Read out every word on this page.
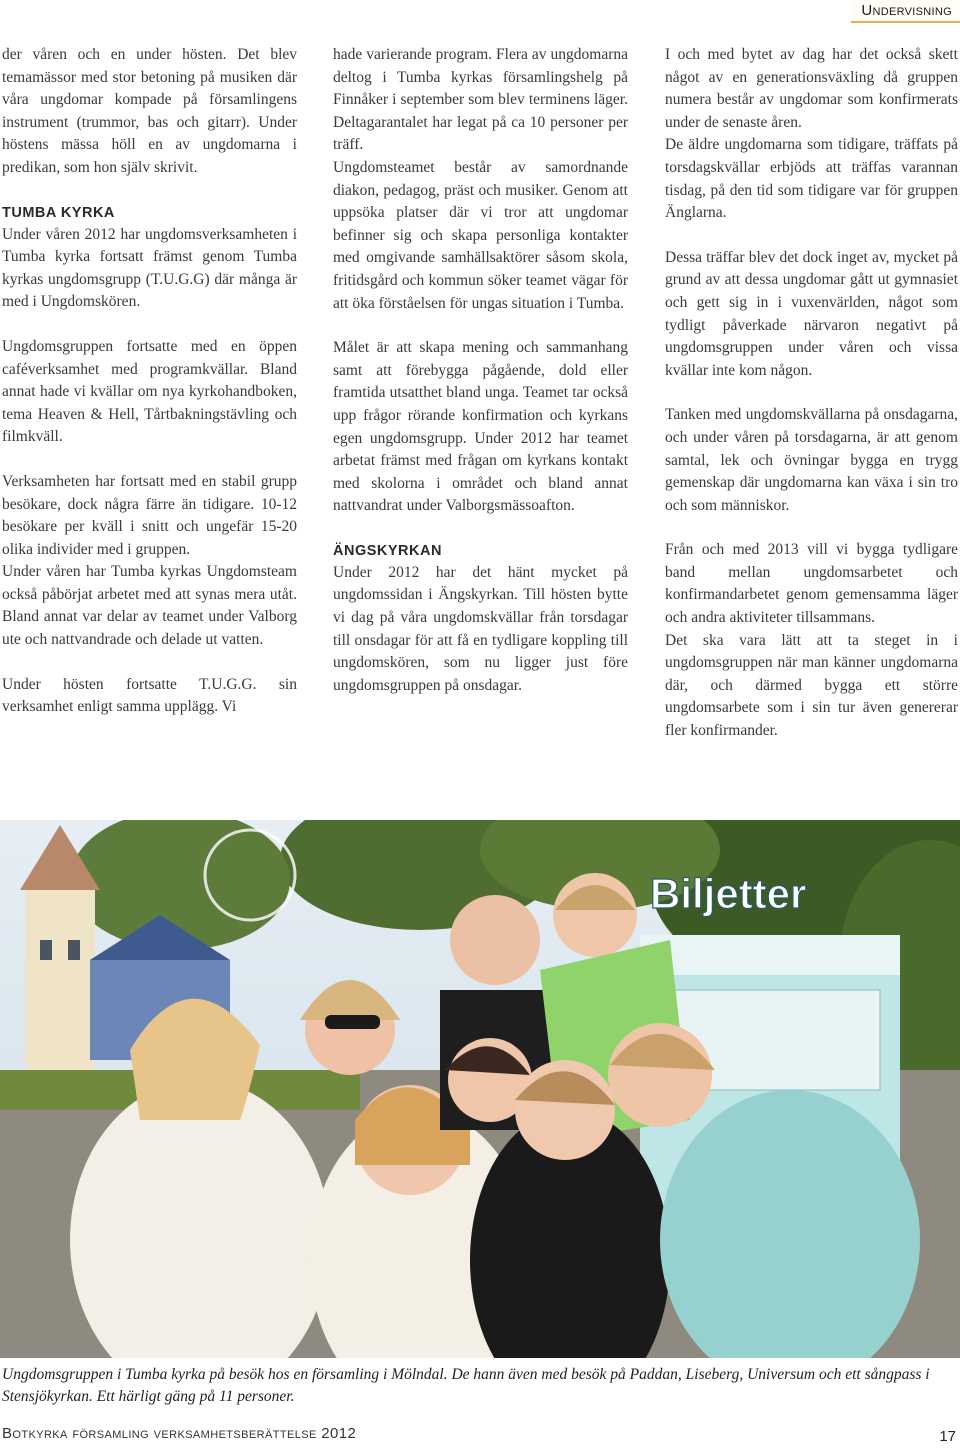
Undervisning

der våren och en under hösten. Det blev temamässor med stor betoning på musiken där våra ungdomar kompade på församlingens instrument (trummor, bas och gitarr). Under höstens mässa höll en av ungdomarna i predikan, som hon själv skrivit.

TUMBA KYRKA

Under våren 2012 har ungdomsverksamheten i Tumba kyrka fortsatt främst genom Tumba kyrkas ungdomsgrupp (T.U.G.G) där många är med i Ungdomskören.

Ungdomsgruppen fortsatte med en öppen caféverksamhet med programkvällar. Bland annat hade vi kvällar om nya kyrkohandboken, tema Heaven & Hell, Tårtbakningstävling och filmkväll.

Verksamheten har fortsatt med en stabil grupp besökare, dock några färre än tidigare. 10-12 besökare per kväll i snitt och ungefär 15-20 olika individer med i gruppen.

Under våren har Tumba kyrkas Ungdomsteam också påbörjat arbetet med att synas mera utåt. Bland annat var delar av teamet under Valborg ute och nattvandrade och delade ut vatten.

Under hösten fortsatte T.U.G.G. sin verksamhet enligt samma upplägg. Vi

hade varierande program. Flera av ungdomarna deltog i Tumba kyrkas församlingshelg på Finnåker i september som blev terminens läger. Deltagarantalet har legat på ca 10 personer per träff.

Ungdomsteamet består av samordnande diakon, pedagog, präst och musiker. Genom att uppsöka platser där vi tror att ungdomar befinner sig och skapa personliga kontakter med omgivande samhällsaktörer såsom skola, fritidsgård och kommun söker teamet vägar för att öka förståelsen för ungas situation i Tumba.

Målet är att skapa mening och sammanhang samt att förebygga pågående, dold eller framtida utsatthet bland unga. Teamet tar också upp frågor rörande konfirmation och kyrkans egen ungdomsgrupp. Under 2012 har teamet arbetat främst med frågan om kyrkans kontakt med skolorna i området och bland annat nattvandrat under Valborgsmässoafton.

ÄNGSKYRKAN

Under 2012 har det hänt mycket på ungdomssidan i Ängskyrkan. Till hösten bytte vi dag på våra ungdomskvällar från torsdagar till onsdagar för att få en tydligare koppling till ungdomskören, som nu ligger just före ungdomsgruppen på onsdagar.

I och med bytet av dag har det också skett något av en generationsväxling då gruppen numera består av ungdomar som konfirmerats under de senaste åren.

De äldre ungdomarna som tidigare, träffats på torsdagskvällar erbjöds att träffas varannan tisdag, på den tid som tidigare var för gruppen Änglarna.

Dessa träffar blev det dock inget av, mycket på grund av att dessa ungdomar gått ut gymnasiet och gett sig in i vuxenvärlden, något som tydligt påverkade närvaron negativt på ungdomsgruppen under våren och vissa kvällar inte kom någon.

Tanken med ungdomskvällarna på onsdagarna, och under våren på torsdagarna, är att genom samtal, lek och övningar bygga en trygg gemenskap där ungdomarna kan växa i sin tro och som människor.

Från och med 2013 vill vi bygga tydligare band mellan ungdomsarbetet och konfirmandarbetet genom gemensamma läger och andra aktiviteter tillsammans.

Det ska vara lätt att ta steget in i ungdomsgruppen när man känner ungdomarna där, och därmed bygga ett större ungdomsarbete som i sin tur även genererar fler konfirmander.

Biljetter
Ungdomsgruppen i Tumba kyrka på besök hos en församling i Mölndal. De hann även med besök på Paddan, Liseberg, Universum och ett sångpass i Stensjökyrkan. Ett härligt gäng på 11 personer.
Botkyrka församling verksamhetsberättelse 2012	17
